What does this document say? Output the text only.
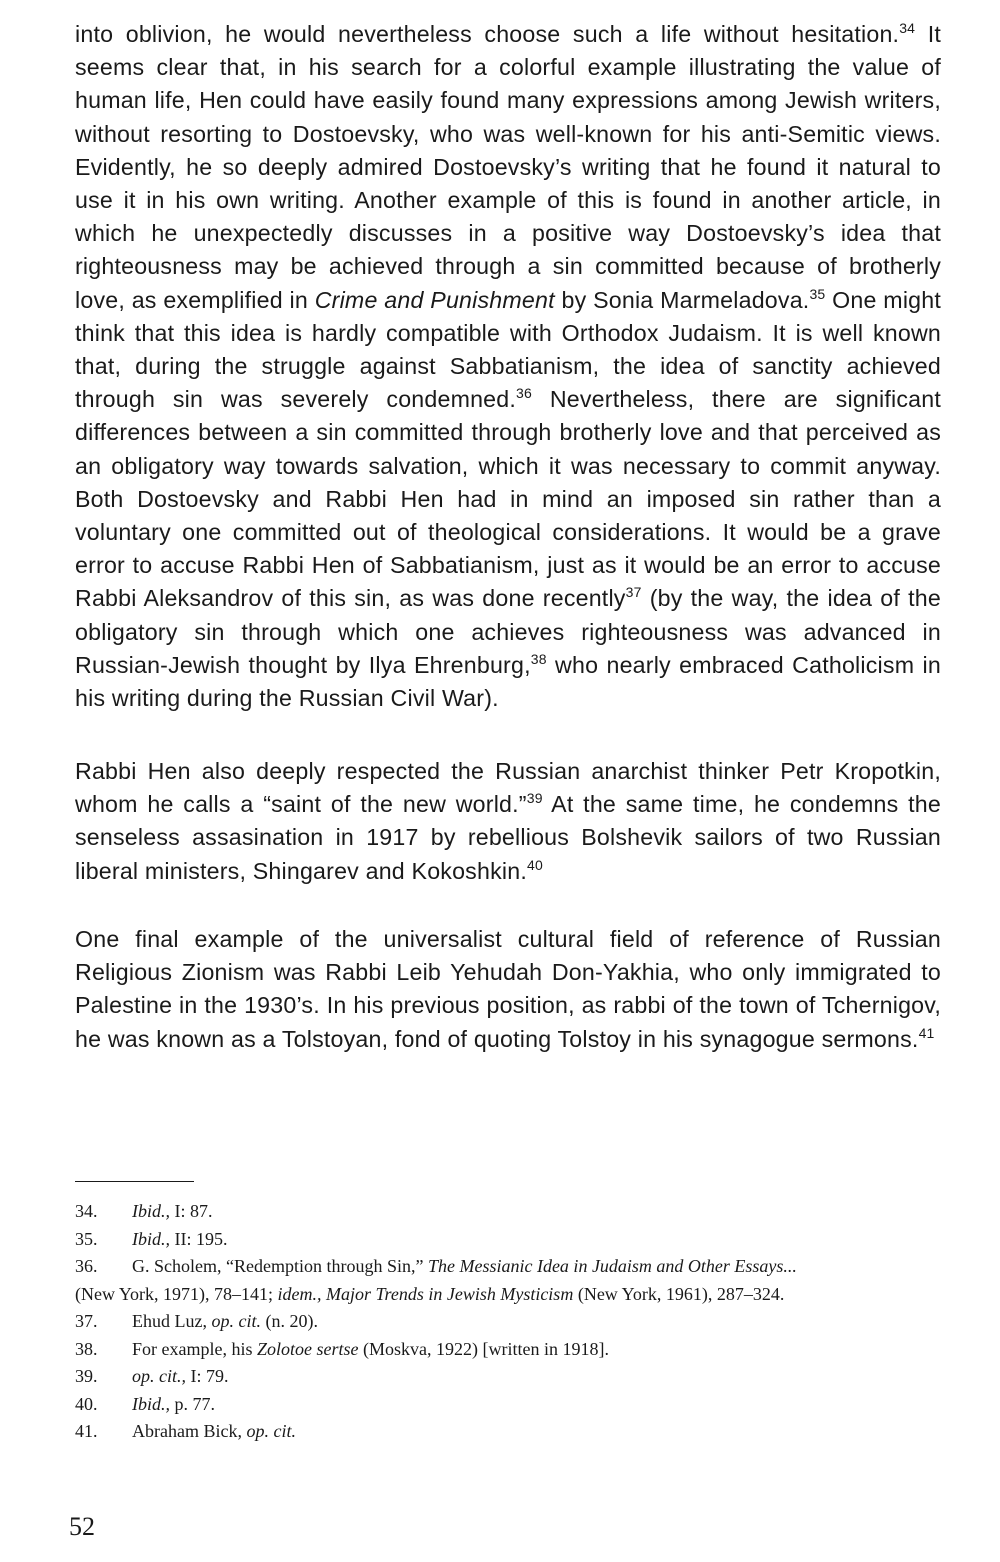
into oblivion, he would nevertheless choose such a life without hesitation.$^{34}$ It seems clear that, in his search for a colorful example illustrating the value of human life, Hen could have easily found many expressions among Jewish writers, without resorting to Dostoevsky, who was well-known for his anti-Semitic views. Evidently, he so deeply admired Dostoevsky’s writing that he found it natural to use it in his own writing. Another example of this is found in another article, in which he unexpectedly discusses in a positive way Dostoevsky’s idea that righteousness may be achieved through a sin committed because of brotherly love, as exemplified in Crime and Punishment by Sonia Marmeladova.$^{35}$ One might think that this idea is hardly compatible with Orthodox Judaism. It is well known that, during the struggle against Sabbatianism, the idea of sanctity achieved through sin was severely condemned.$^{36}$ Nevertheless, there are significant differences between a sin committed through brotherly love and that perceived as an obligatory way towards salvation, which it was necessary to commit anyway. Both Dostoevsky and Rabbi Hen had in mind an imposed sin rather than a voluntary one committed out of theological considerations. It would be a grave error to accuse Rabbi Hen of Sabbatianism, just as it would be an error to accuse Rabbi Aleksandrov of this sin, as was done recently$^{37}$ (by the way, the idea of the obligatory sin through which one achieves righteousness was advanced in Russian-Jewish thought by Ilya Ehrenburg,$^{38}$ who nearly embraced Catholicism in his writing during the Russian Civil War).

Rabbi Hen also deeply respected the Russian anarchist thinker Petr Kropotkin, whom he calls a “saint of the new world.”$^{39}$ At the same time, he condemns the senseless assasination in 1917 by rebellious Bolshevik sailors of two Russian liberal ministers, Shingarev and Kokoshkin.$^{40}$

One final example of the universalist cultural field of reference of Russian Religious Zionism was Rabbi Leib Yehudah Don-Yakhia, who only immigrated to Palestine in the 1930’s. In his previous position, as rabbi of the town of Tchernigov, he was known as a Tolstoyan, fond of quoting Tolstoy in his synagogue sermons.$^{41}$

34. Ibid., I: 87.
35. Ibid., II: 195.
36. G. Scholem, “Redemption through Sin,” The Messianic Idea in Judaism and Other Essays...
(New York, 1971), 78–141; idem., Major Trends in Jewish Mysticism (New York, 1961), 287–324.
37. Ehud Luz, op. cit. (n. 20).
38. For example, his Zolotoe sertse (Moskva, 1922) [written in 1918].
39. op. cit., I: 79.
40. Ibid., p. 77.
41. Abraham Bick, op. cit.
52
